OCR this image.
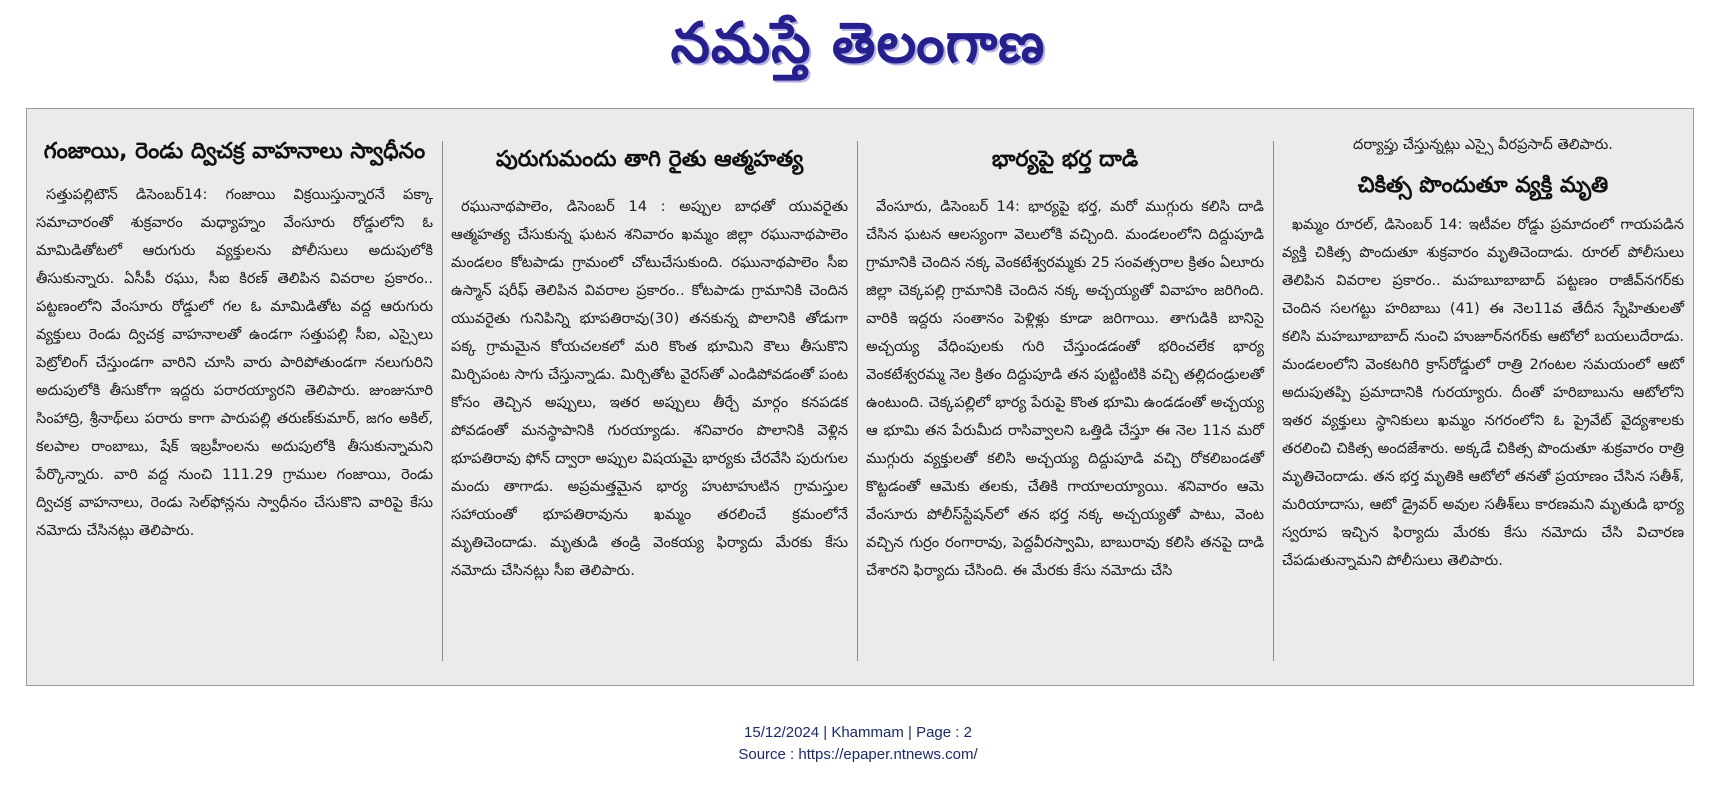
నమస్తే తెలంగాణ
గంజాయి, రెండు ద్విచక్ర వాహనాలు స్వాధీనం

సత్తుపల్లిటౌన్ డిసెంబర్14: గంజాయి విక్రయిస్తున్నారనే పక్కా సమాచారంతో శుక్రవారం మధ్యాహ్నం వేంసూరు రోడ్డులోని ఓ మామిడితోటలో ఆరుగురు వ్యక్తులను పోలీసులు అదుపులోకి తీసుకున్నారు. ఏసీపీ రఘు, సీఐ కిరణ్ తెలిపిన వివరాల ప్రకారం.. పట్టణంలోని వేంసూరు రోడ్డులో గల ఓ మామిడితోట వద్ద ఆరుగురు వ్యక్తులు రెండు ద్విచక్ర వాహనాలతో ఉండగా సత్తుపల్లి సీఐ, ఎస్సైలు పెట్రోలింగ్ చేస్తుండగా వారిని చూసి వారు పారిపోతుండగా నలుగురిని అదుపులోకి తీసుకోగా ఇద్దరు పరారయ్యారని తెలిపారు. జుంజునూరి సింహాద్రి, శ్రీనాథ్‌లు పరారు కాగా పారుపల్లి తరుణ్‌కుమార్, జగం అకిల్, కలపాల రాంబాబు, షేక్ ఇబ్రహీంలను అదుపులోకి తీసుకున్నామని పేర్కొన్నారు. వారి వద్ద నుంచి 111.29 గ్రాముల గంజాయి, రెండు ద్విచక్ర వాహనాలు, రెండు సెల్‌ఫోన్లను స్వాధీనం చేసుకొని వారిపై కేసు నమోదు చేసినట్లు తెలిపారు.

పురుగుమందు తాగి రైతు ఆత్మహత్య

రఘునాథపాలెం, డిసెంబర్ 14 : అప్పుల బాధతో యువరైతు ఆత్మహత్య చేసుకున్న ఘటన శనివారం ఖమ్మం జిల్లా రఘునాథపాలెం మండలం కోటపాడు గ్రామంలో చోటుచేసుకుంది. రఘునాథపాలెం సీఐ ఉస్మాన్ షరీఫ్ తెలిపిన వివరాల ప్రకారం.. కోటపాడు గ్రామానికి చెందిన యువరైతు గునిపిన్ని భూపతిరావు(30) తనకున్న పొలానికి తోడుగా పక్క గ్రామమైన కోయచలకలో మరి కొంత భూమిని కౌలు తీసుకొని మిర్చిపంట సాగు చేస్తున్నాడు. మిర్చితోట వైరస్‌తో ఎండిపోవడంతో పంట కోసం తెచ్చిన అప్పులు, ఇతర అప్పులు తీర్చే మార్గం కనపడక పోవడంతో మనస్థాపానికి గురయ్యాడు. శనివారం పొలానికి వెళ్లిన భూపతిరావు ఫోన్ ద్వారా అప్పుల విషయమై భార్యకు చేరవేసి పురుగుల మందు తాగాడు. అప్రమత్తమైన భార్య హుటాహుటిన గ్రామస్తుల సహాయంతో భూపతిరావును ఖమ్మం తరలించే క్రమంలోనే మృతిచెందాడు. మృతుడి తండ్రి వెంకయ్య ఫిర్యాదు మేరకు కేసు నమోదు చేసినట్లు సీఐ తెలిపారు.

భార్యపై భర్త దాడి

వేంసూరు, డిసెంబర్ 14: భార్యపై భర్త, మరో ముగ్గురు కలిసి దాడి చేసిన ఘటన ఆలస్యంగా వెలులోకి వచ్చింది. మండలంలోని దిద్దుపూడి గ్రామానికి చెందిన నక్క వెంకటేశ్వరమ్మకు 25 సంవత్సరాల క్రితం ఏలూరు జిల్లా చెక్కపల్లి గ్రామానికి చెందిన నక్క అచ్చయ్యతో వివాహం జరిగింది. వారికి ఇద్దరు సంతానం పెళ్లిళ్లు కూడా జరిగాయి. తాగుడికి బానిసై అచ్చయ్య వేధింపులకు గురి చేస్తుండడంతో భరించలేక భార్య వెంకటేశ్వరమ్మ నెల క్రితం దిద్దుపూడి తన పుట్టింటికి వచ్చి తల్లిదండ్రులతో ఉంటుంది. చెక్కపల్లిలో భార్య పేరుపై కొంత భూమి ఉండడంతో అచ్చయ్య ఆ భూమి తన పేరుమీద రాసివ్వాలని ఒత్తిడి చేస్తూ ఈ నెల 11న మరో ముగ్గురు వ్యక్తులతో కలిసి అచ్చయ్య దిద్దుపూడి వచ్చి రోకలిబండతో కొట్టడంతో ఆమెకు తలకు, చేతికి గాయాలయ్యాయి. శనివారం ఆమె వేంసూరు పోలీస్‌స్టేషన్‌లో తన భర్త నక్క అచ్చయ్యతో పాటు, వెంట వచ్చిన గుర్రం రంగారావు, పెద్దవీరస్వామి, బాబురావు కలిసి తనపై దాడి చేశారని ఫిర్యాదు చేసింది. ఈ మేరకు కేసు నమోదు చేసి

దర్యాప్తు చేస్తున్నట్లు ఎస్సై వీరప్రసాద్ తెలిపారు.

చికిత్స పొందుతూ వ్యక్తి మృతి

ఖమ్మం రూరల్, డిసెంబర్ 14: ఇటీవల రోడ్డు ప్రమాదంలో గాయపడిన వ్యక్తి చికిత్స పొందుతూ శుక్రవారం మృతిచెందాడు. రూరల్ పోలీసులు తెలిపిన వివరాల ప్రకారం.. మహబూబాబాద్ పట్టణం రాజీవ్‌నగర్‌కు చెందిన సలగట్టు హరిబాబు (41) ఈ నెల11వ తేదీన స్నేహితులతో కలిసి మహబూబాబాద్ నుంచి హుజూర్‌నగర్‌కు ఆటోలో బయలుదేరాడు. మండలంలోని వెంకటగిరి క్రాస్‌రోడ్డులో రాత్రి 2గంటల సమయంలో ఆటో అదుపుతప్పి ప్రమాదానికి గురయ్యారు. దీంతో హరిబాబును ఆటోలోని ఇతర వ్యక్తులు స్థానికులు ఖమ్మం నగరంలోని ఓ ప్రైవేట్ వైద్యశాలకు తరలించి చికిత్స అందజేశారు. అక్కడే చికిత్స పొందుతూ శుక్రవారం రాత్రి మృతిచెందాడు. తన భర్త మృతికి ఆటోలో తనతో ప్రయాణం చేసిన సతీశ్, మరియాదాసు, ఆటో డ్రైవర్ అవుల సతీశ్‌లు కారణమని మృతుడి భార్య స్వరూప ఇచ్చిన ఫిర్యాదు మేరకు కేసు నమోదు చేసి విచారణ చేపడుతున్నామని పోలీసులు తెలిపారు.

15/12/2024 | Khammam | Page : 2
Source : https://epaper.ntnews.com/
